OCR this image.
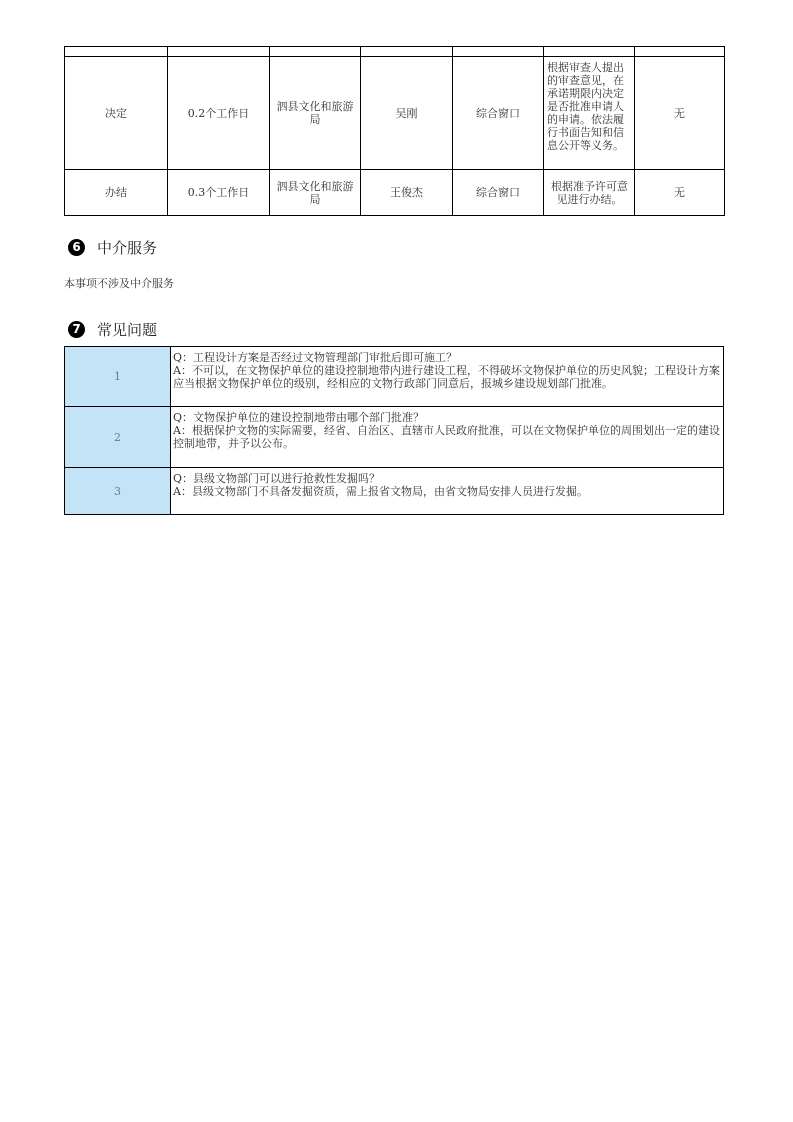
决定	0.2个工作日	泗县文化和旅游局	吴刚	综合窗口	根据审查人提出的审查意见，在承诺期限内决定是否批准申请人的申请。依法履行书面告知和信息公开等义务。	无
办结	0.3个工作日	泗县文化和旅游局	王俊杰	综合窗口	根据准予许可意见进行办结。	无
6 中介服务
本事项不涉及中介服务
7 常见问题
1	Q：工程设计方案是否经过文物管理部门审批后即可施工？
A：不可以，在文物保护单位的建设控制地带内进行建设工程，不得破坏文物保护单位的历史风貌；工程设计方案应当根据文物保护单位的级别，经相应的文物行政部门同意后，报城乡建设规划部门批准。

2	Q：文物保护单位的建设控制地带由哪个部门批准？
A：根据保护文物的实际需要，经省、自治区、直辖市人民政府批准，可以在文物保护单位的周围划出一定的建设控制地带，并予以公布。

3	Q：县级文物部门可以进行抢救性发掘吗？
A：县级文物部门不具备发掘资质，需上报省文物局，由省文物局安排人员进行发掘。
